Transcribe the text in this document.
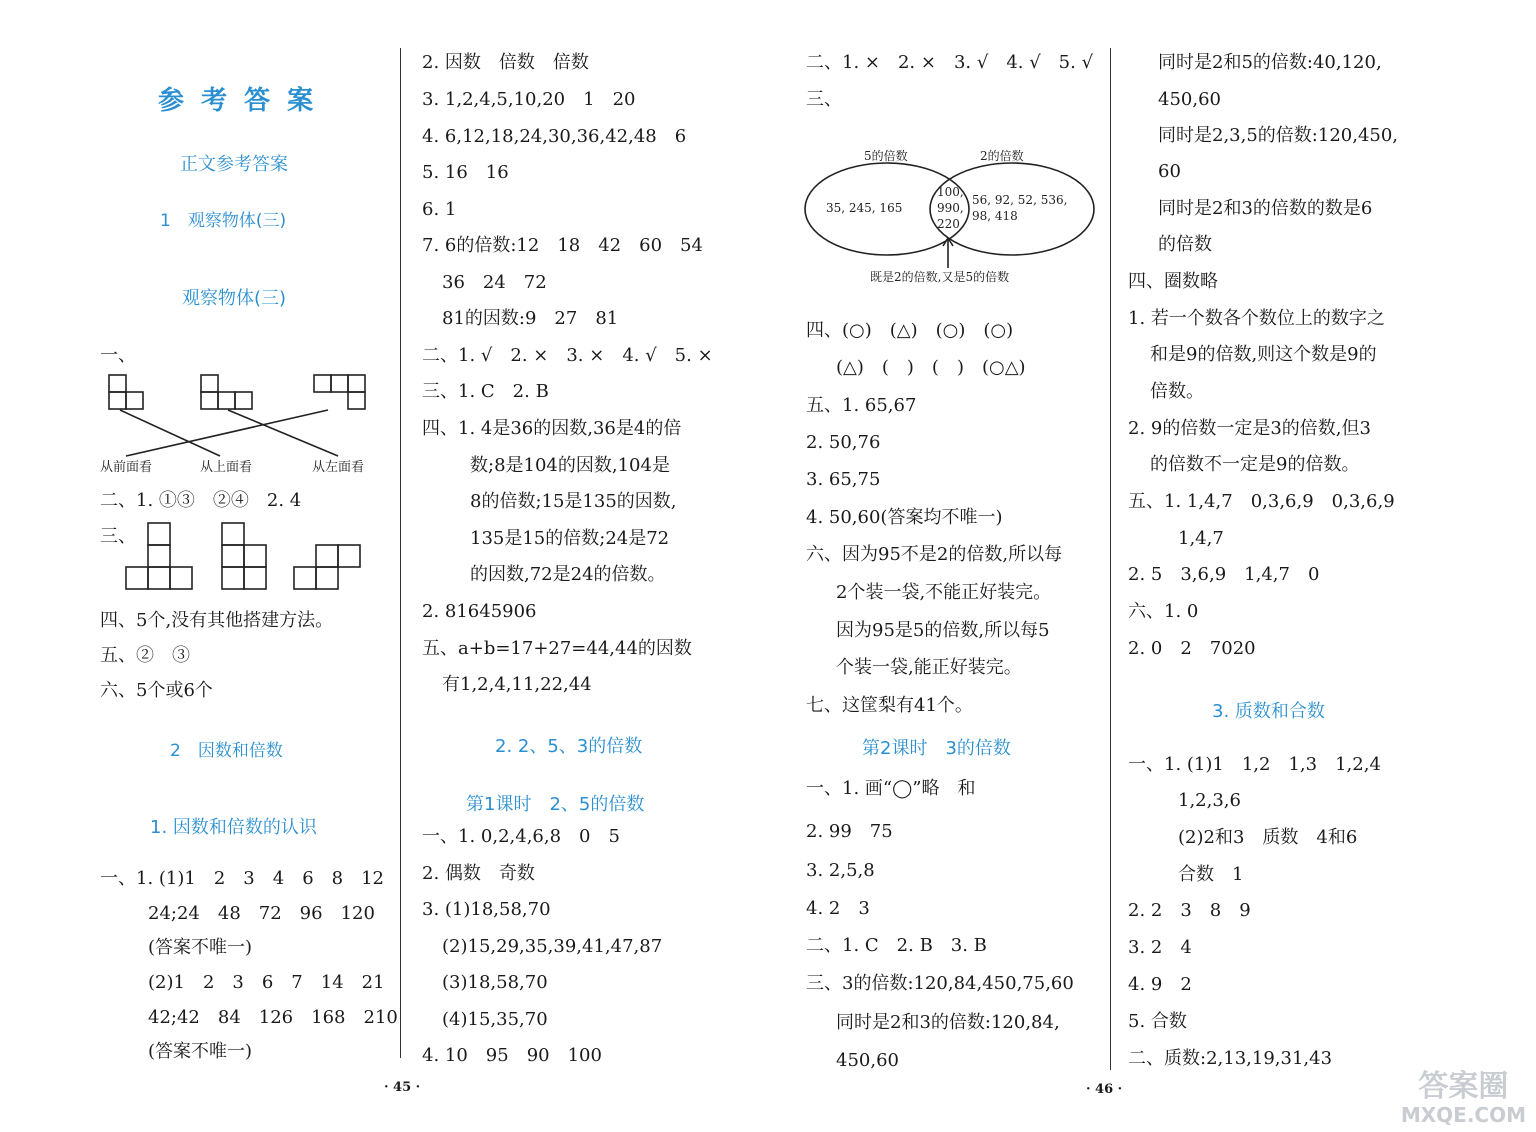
参 考 答 案
正文参考答案
1　观察物体(三)
观察物体(三)
一、
从前面看	从上面看	从左面看
二、1. ①③　②④　2. 4
三、
四、5个,没有其他搭建方法。
五、②　③
六、5个或6个
2　因数和倍数
1. 因数和倍数的认识
一、1. (1)1　2　3　4　6　8　12
24;24　48　72　96　120
(答案不唯一)
(2)1　2　3　6　7　14　21
42;42　84　126　168　210
(答案不唯一)
2. 因数　倍数　倍数
3. 1,2,4,5,10,20　1　20
4. 6,12,18,24,30,36,42,48　6
5. 16　16
6. 1
7. 6的倍数:12　18　42　60　54
36　24　72
81的因数:9　27　81
二、1. √　2. ×　3. ×　4. √　5. ×
三、1. C　2. B
四、1. 4是36的因数,36是4的倍
数;8是104的因数,104是
8的倍数;15是135的因数,
135是15的倍数;24是72
的因数,72是24的倍数。
2. 81645906
五、a+b=17+27=44,44的因数
有1,2,4,11,22,44
2. 2、5、3的倍数
第1课时　2、5的倍数
一、1. 0,2,4,6,8　0　5
2. 偶数　奇数
3. (1)18,58,70
(2)15,29,35,39,41,47,87
(3)18,58,70
(4)15,35,70
4. 10　95　90　100
· 45 ·
二、1. ×　2. ×　3. √　4. √　5. √
三、
5的倍数	2的倍数
35, 245, 165
100,
990,
220
56, 92, 52, 536,
98, 418
既是2的倍数,又是5的倍数
四、(○)　(△)　(○)　(○)
(△)　(　)　(　)　(○△)
五、1. 65,67
2. 50,76
3. 65,75
4. 50,60(答案均不唯一)
六、因为95不是2的倍数,所以每
2个装一袋,不能正好装完。
因为95是5的倍数,所以每5
个装一袋,能正好装完。
七、这筐梨有41个。
第2课时　3的倍数
一、1. 画“◯”略　和
2. 99　75
3. 2,5,8
4. 2　3
二、1. C　2. B　3. B
三、3的倍数:120,84,450,75,60
同时是2和3的倍数:120,84,
450,60
· 46 ·
同时是2和5的倍数:40,120,
450,60
同时是2,3,5的倍数:120,450,
60
同时是2和3的倍数的数是6
的倍数
四、圈数略
1. 若一个数各个数位上的数字之
和是9的倍数,则这个数是9的
倍数。
2. 9的倍数一定是3的倍数,但3
的倍数不一定是9的倍数。
五、1. 1,4,7　0,3,6,9　0,3,6,9
1,4,7
2. 5　3,6,9　1,4,7　0
六、1. 0
2. 0　2　7020
3. 质数和合数
一、1. (1)1　1,2　1,3　1,2,4
1,2,3,6
(2)2和3　质数　4和6
合数　1
2. 2　3　8　9
3. 2　4
4. 9　2
5. 合数
二、质数:2,13,19,31,43
答案圈
MXQE.COM
